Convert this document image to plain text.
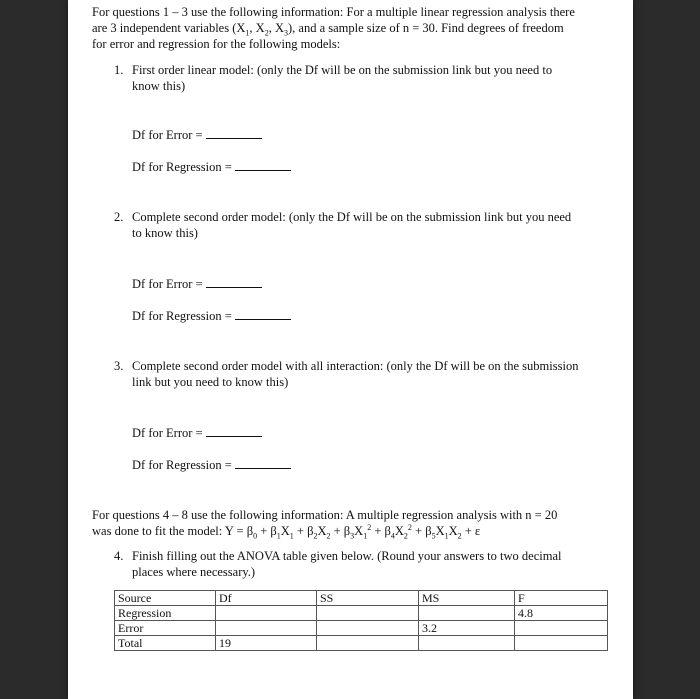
For questions 1 – 3 use the following information: For a multiple linear regression analysis there
are 3 independent variables ($X_1$, $X_2$, $X_3$), and a sample size of n = 30. Find degrees of freedom
for error and regression for the following models:
1. First order linear model: (only the Df will be on the submission link but you need to
know this)
Df for Error =
Df for Regression =
2. Complete second order model: (only the Df will be on the submission link but you need
to know this)
Df for Error =
Df for Regression =
3. Complete second order model with all interaction: (only the Df will be on the submission
link but you need to know this)
Df for Error =
Df for Regression =
For questions 4 – 8 use the following information: A multiple regression analysis with n = 20
was done to fit the model: $Y = \beta_0 + \beta_1X_1 + \beta_2X_2 + \beta_3X_1^2 + \beta_4X_2^2 + \beta_5X_1X_2 + \varepsilon$
4. Finish filling out the ANOVA table given below. (Round your answers to two decimal
places where necessary.)
Source	Df	SS	MS	F
Regression				4.8
Error			3.2	
Total	19			
